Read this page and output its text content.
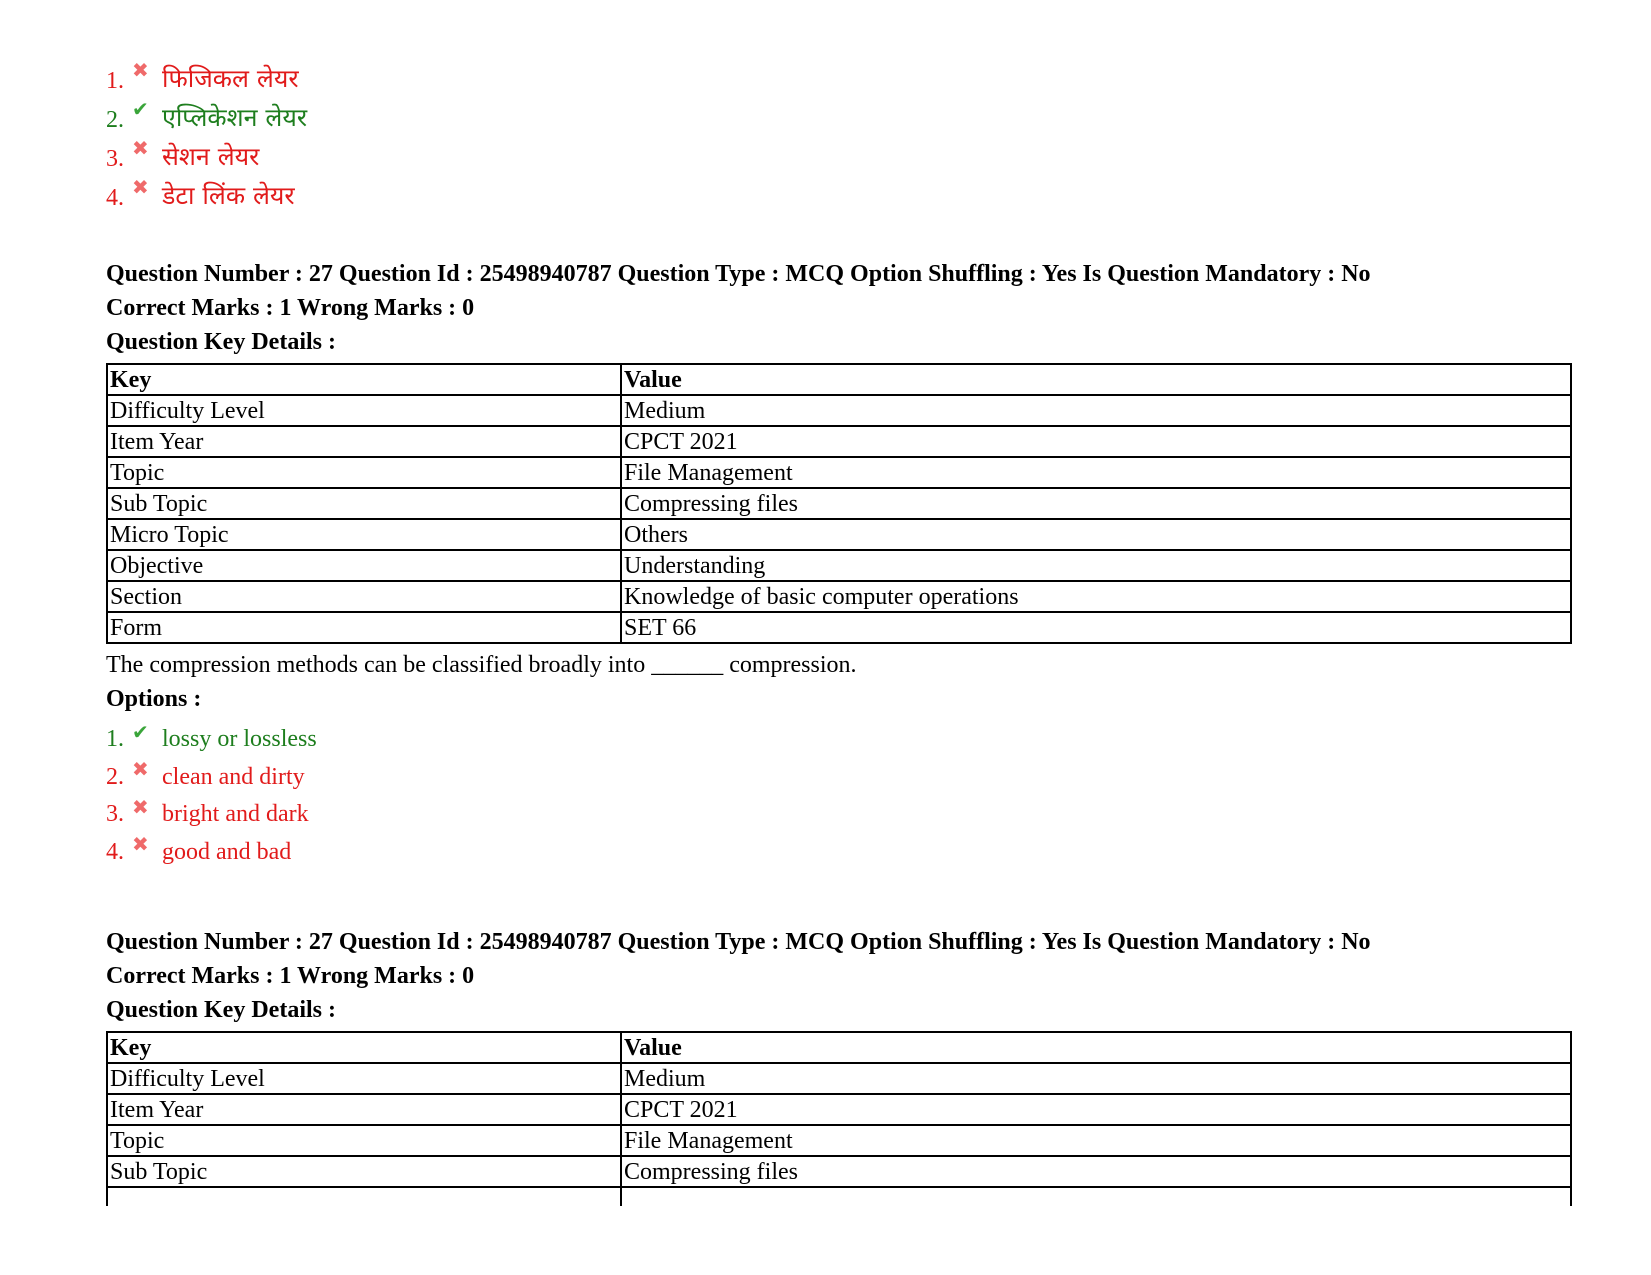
1. ✖ फिजिकल लेयर
2. ✔ एप्लिकेशन लेयर
3. ✖ सेशन लेयर
4. ✖ डेटा लिंक लेयर
Question Number : 27 Question Id : 25498940787 Question Type : MCQ Option Shuffling : Yes Is Question Mandatory : No
Correct Marks : 1 Wrong Marks : 0
Question Key Details :
Key	Value
Difficulty Level	Medium
Item Year	CPCT 2021
Topic	File Management
Sub Topic	Compressing files
Micro Topic	Others
Objective	Understanding
Section	Knowledge of basic computer operations
Form	SET 66
The compression methods can be classified broadly into ______ compression.
Options :
1. ✔ lossy or lossless
2. ✖ clean and dirty
3. ✖ bright and dark
4. ✖ good and bad
Question Number : 27 Question Id : 25498940787 Question Type : MCQ Option Shuffling : Yes Is Question Mandatory : No
Correct Marks : 1 Wrong Marks : 0
Question Key Details :
Key	Value
Difficulty Level	Medium
Item Year	CPCT 2021
Topic	File Management
Sub Topic	Compressing files
